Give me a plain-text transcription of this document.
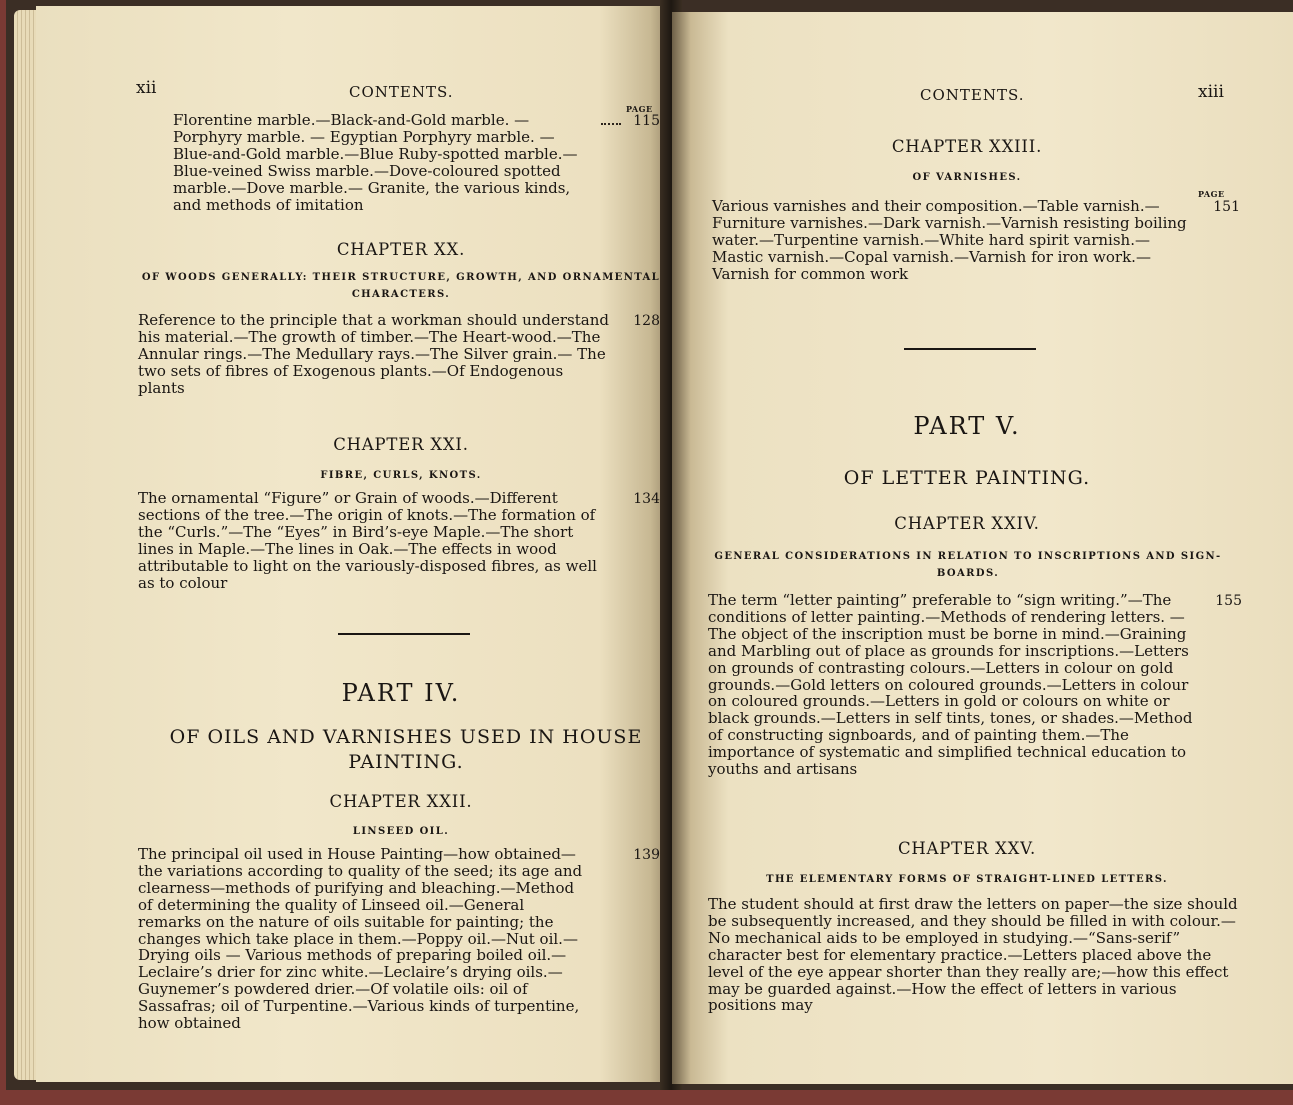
xii	CONTENTS.
PAGE
Florentine marble.—Black-and-Gold marble. — Porphyry marble. — Egyptian Porphyry marble. — Blue-and-Gold marble.—Blue Ruby-spotted marble.—Blue-veined Swiss marble.—Dove-coloured spotted marble.—Dove marble.— Granite, the various kinds, and methods of imitation
115
CHAPTER XX.
OF WOODS GENERALLY: THEIR STRUCTURE, GROWTH, AND ORNAMENTAL CHARACTERS.
Reference to the principle that a workman should understand his material.—The growth of timber.—The Heart-wood.—The Annular rings.—The Medullary rays.—The Silver grain.— The two sets of fibres of Exogenous plants.—Of Endogenous plants
128
CHAPTER XXI.
FIBRE, CURLS, KNOTS.
The ornamental “Figure” or Grain of woods.—Different sections of the tree.—The origin of knots.—The formation of the “Curls.”—The “Eyes” in Bird’s-eye Maple.—The short lines in Maple.—The lines in Oak.—The effects in wood attributable to light on the variously-disposed fibres, as well as to colour
134
PART IV.
OF OILS AND VARNISHES USED IN HOUSE PAINTING.
CHAPTER XXII.
LINSEED OIL.
The principal oil used in House Painting—how obtained—the variations according to quality of the seed; its age and clearness—methods of purifying and bleaching.—Method of determining the quality of Linseed oil.—General remarks on the nature of oils suitable for painting; the changes which take place in them.—Poppy oil.—Nut oil.—Drying oils — Various methods of preparing boiled oil.—Leclaire’s drier for zinc white.—Leclaire’s drying oils.—Guynemer’s powdered drier.—Of volatile oils: oil of Sassafras; oil of Turpentine.—Various kinds of turpentine, how obtained
139
CONTENTS.	xiii
CHAPTER XXIII.
OF VARNISHES.
PAGE
Various varnishes and their composition.—Table varnish.—Furniture varnishes.—Dark varnish.—Varnish resisting boiling water.—Turpentine varnish.—White hard spirit varnish.—Mastic varnish.—Copal varnish.—Varnish for iron work.—Varnish for common work
151
PART V.
OF LETTER PAINTING.
CHAPTER XXIV.
GENERAL CONSIDERATIONS IN RELATION TO INSCRIPTIONS AND SIGN-BOARDS.
The term “letter painting” preferable to “sign writing.”—The conditions of letter painting.—Methods of rendering letters. —The object of the inscription must be borne in mind.—Graining and Marbling out of place as grounds for inscriptions.—Letters on grounds of contrasting colours.—Letters in colour on gold grounds.—Gold letters on coloured grounds.—Letters in colour on coloured grounds.—Letters in gold or colours on white or black grounds.—Letters in self tints, tones, or shades.—Method of constructing signboards, and of painting them.—The importance of systematic and simplified technical education to youths and artisans
155
CHAPTER XXV.
THE ELEMENTARY FORMS OF STRAIGHT-LINED LETTERS.

The student should at first draw the letters on paper—the size should be subsequently increased, and they should be filled in with colour.—No mechanical aids to be employed in studying.—“Sans-serif” character best for elementary practice.—Letters placed above the level of the eye appear shorter than they really are;—how this effect may be guarded against.—How the effect of letters in various positions may
